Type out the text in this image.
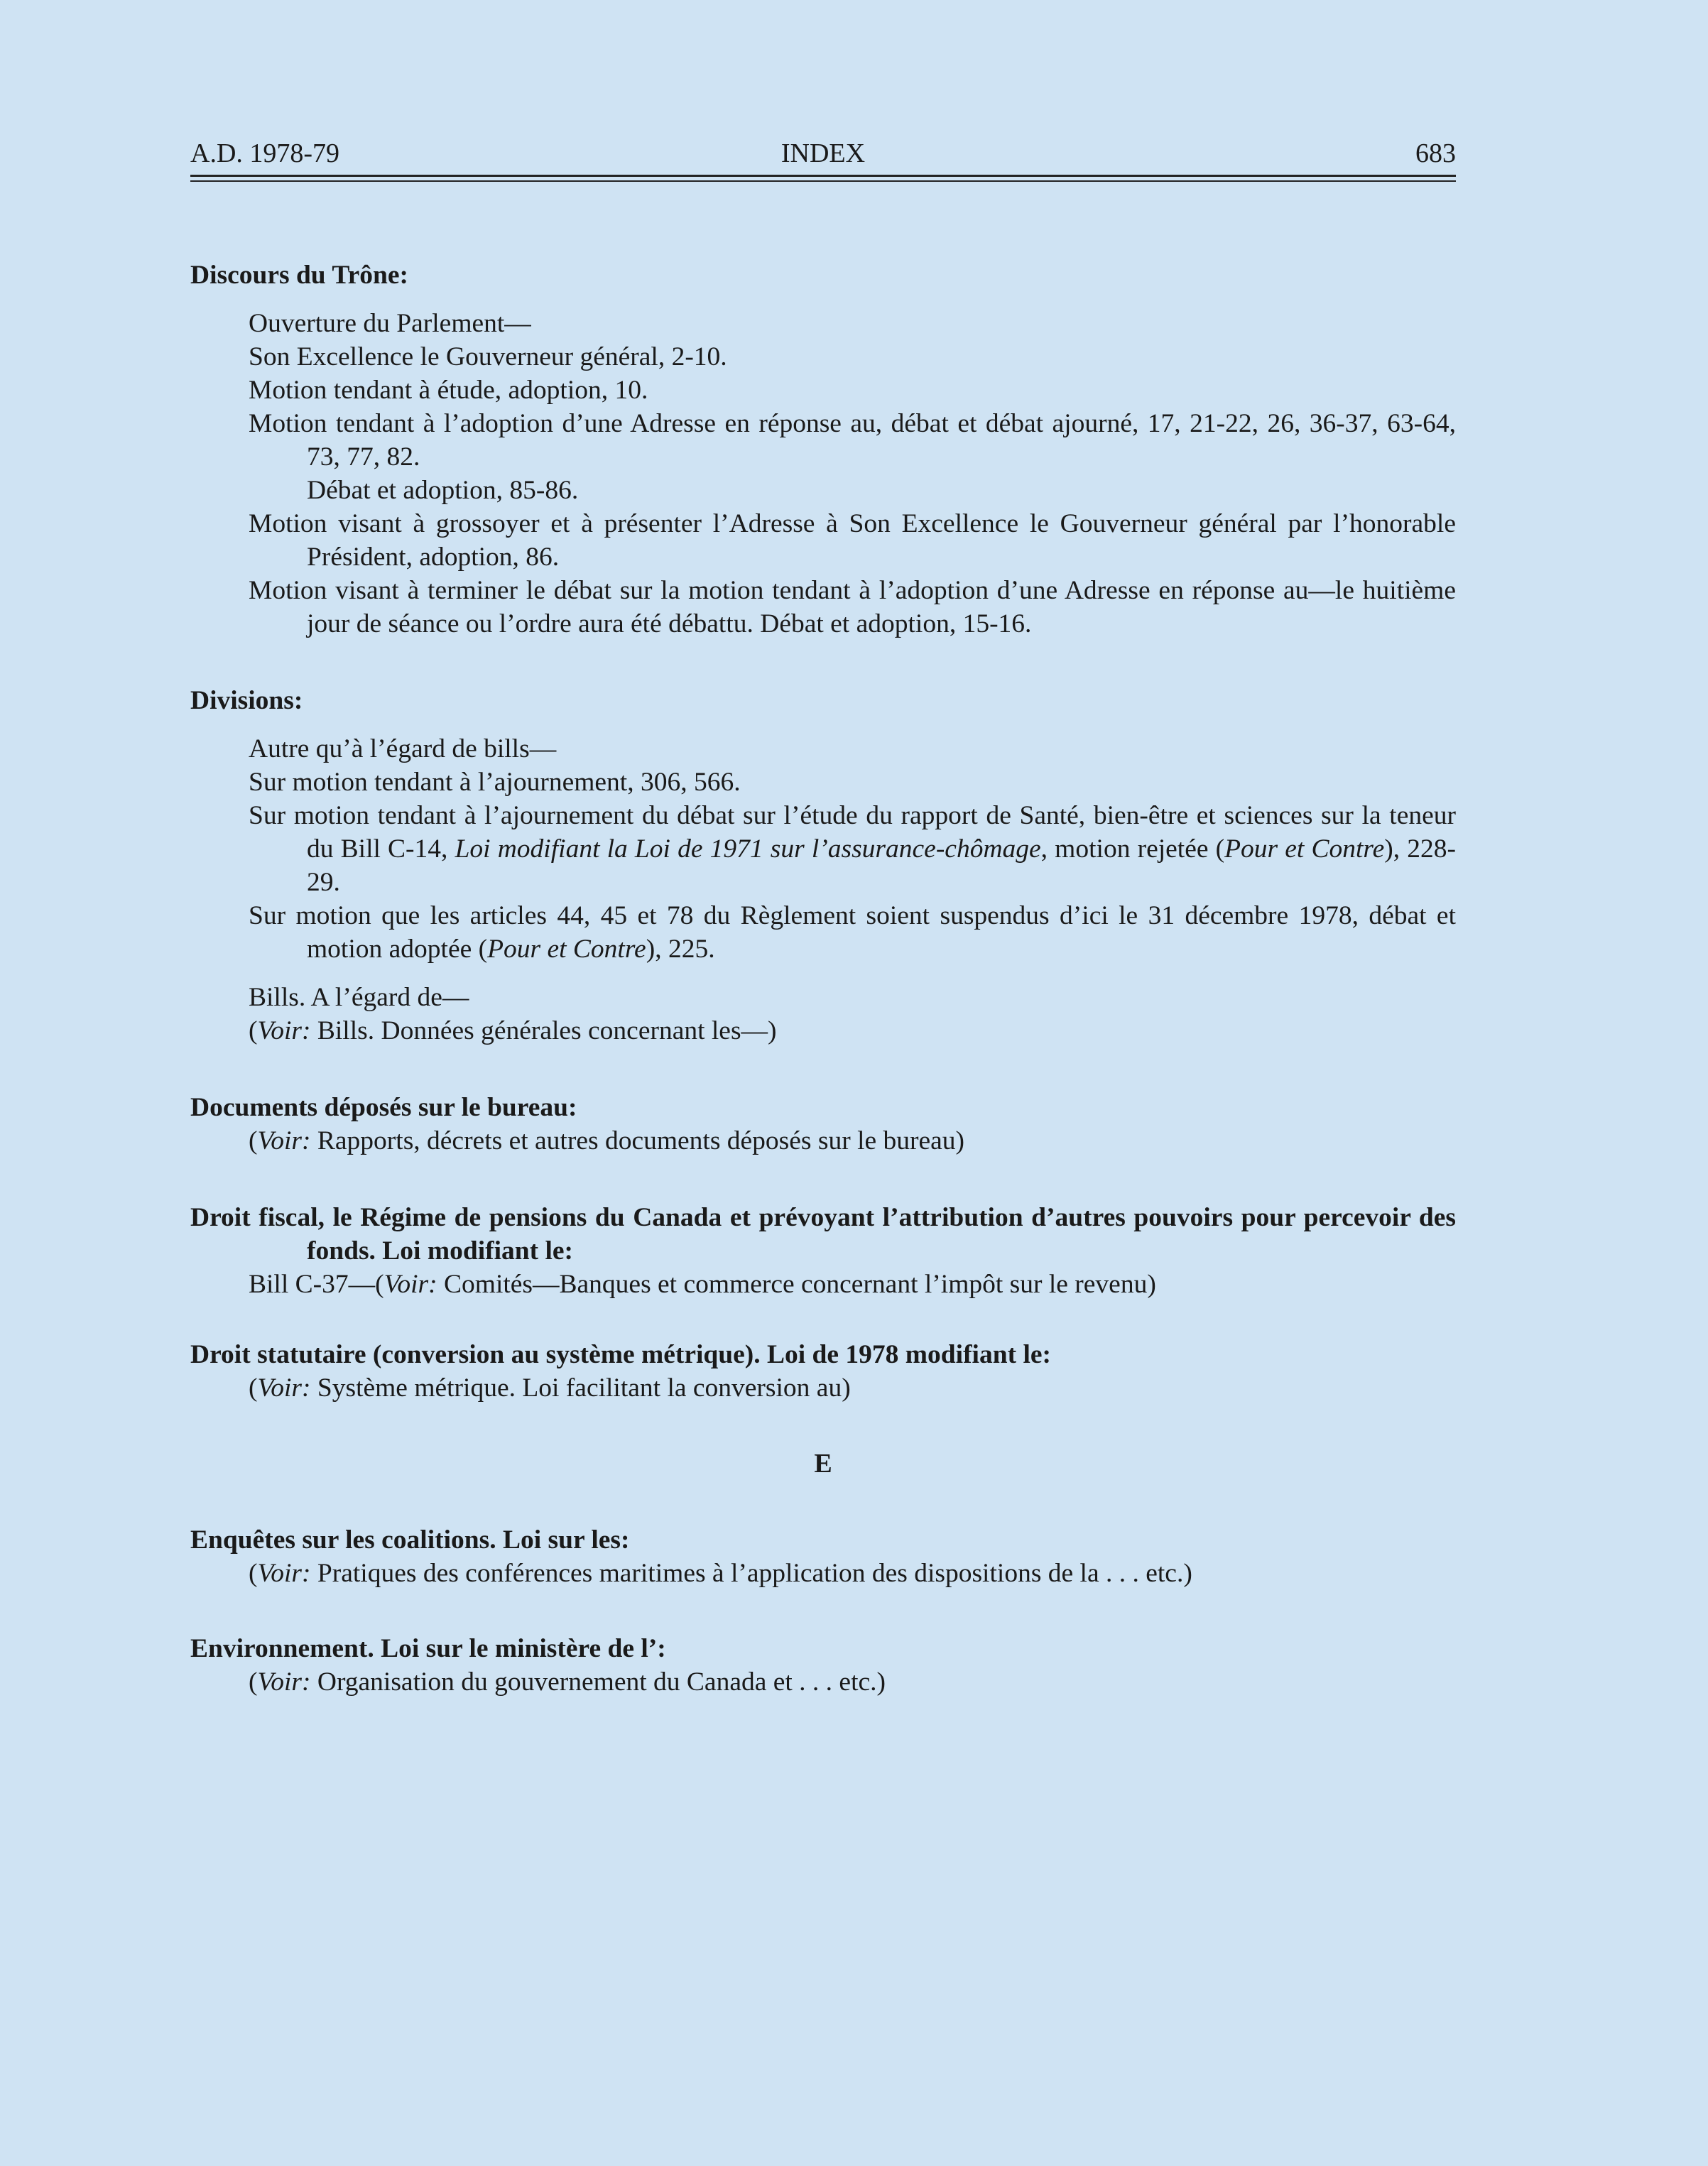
A.D. 1978-79	INDEX	683
Discours du Trône:
Ouverture du Parlement—
Son Excellence le Gouverneur général, 2-10.
Motion tendant à étude, adoption, 10.
Motion tendant à l’adoption d’une Adresse en réponse au, débat et débat ajourné, 17, 21-22, 26, 36-37, 63-64, 73, 77, 82.
Débat et adoption, 85-86.
Motion visant à grossoyer et à présenter l’Adresse à Son Excellence le Gouverneur général par l’honorable Président, adoption, 86.
Motion visant à terminer le débat sur la motion tendant à l’adoption d’une Adresse en réponse au—le huitième jour de séance ou l’ordre aura été débattu. Débat et adoption, 15-16.
Divisions:
Autre qu’à l’égard de bills—
Sur motion tendant à l’ajournement, 306, 566.
Sur motion tendant à l’ajournement du débat sur l’étude du rapport de Santé, bien-être et sciences sur la teneur du Bill C-14, Loi modifiant la Loi de 1971 sur l’assurance-chômage, motion rejetée (Pour et Contre), 228-29.
Sur motion que les articles 44, 45 et 78 du Règlement soient suspendus d’ici le 31 décembre 1978, débat et motion adoptée (Pour et Contre), 225.
Bills. A l’égard de—
(Voir: Bills. Données générales concernant les—)
Documents déposés sur le bureau:
(Voir: Rapports, décrets et autres documents déposés sur le bureau)
Droit fiscal, le Régime de pensions du Canada et prévoyant l’attribution d’autres pouvoirs pour percevoir des fonds. Loi modifiant le:
Bill C-37—(Voir: Comités—Banques et commerce concernant l’impôt sur le revenu)
Droit statutaire (conversion au système métrique). Loi de 1978 modifiant le:
(Voir: Système métrique. Loi facilitant la conversion au)
E
Enquêtes sur les coalitions. Loi sur les:
(Voir: Pratiques des conférences maritimes à l’application des dispositions de la . . . etc.)
Environnement. Loi sur le ministère de l’:
(Voir: Organisation du gouvernement du Canada et . . . etc.)
